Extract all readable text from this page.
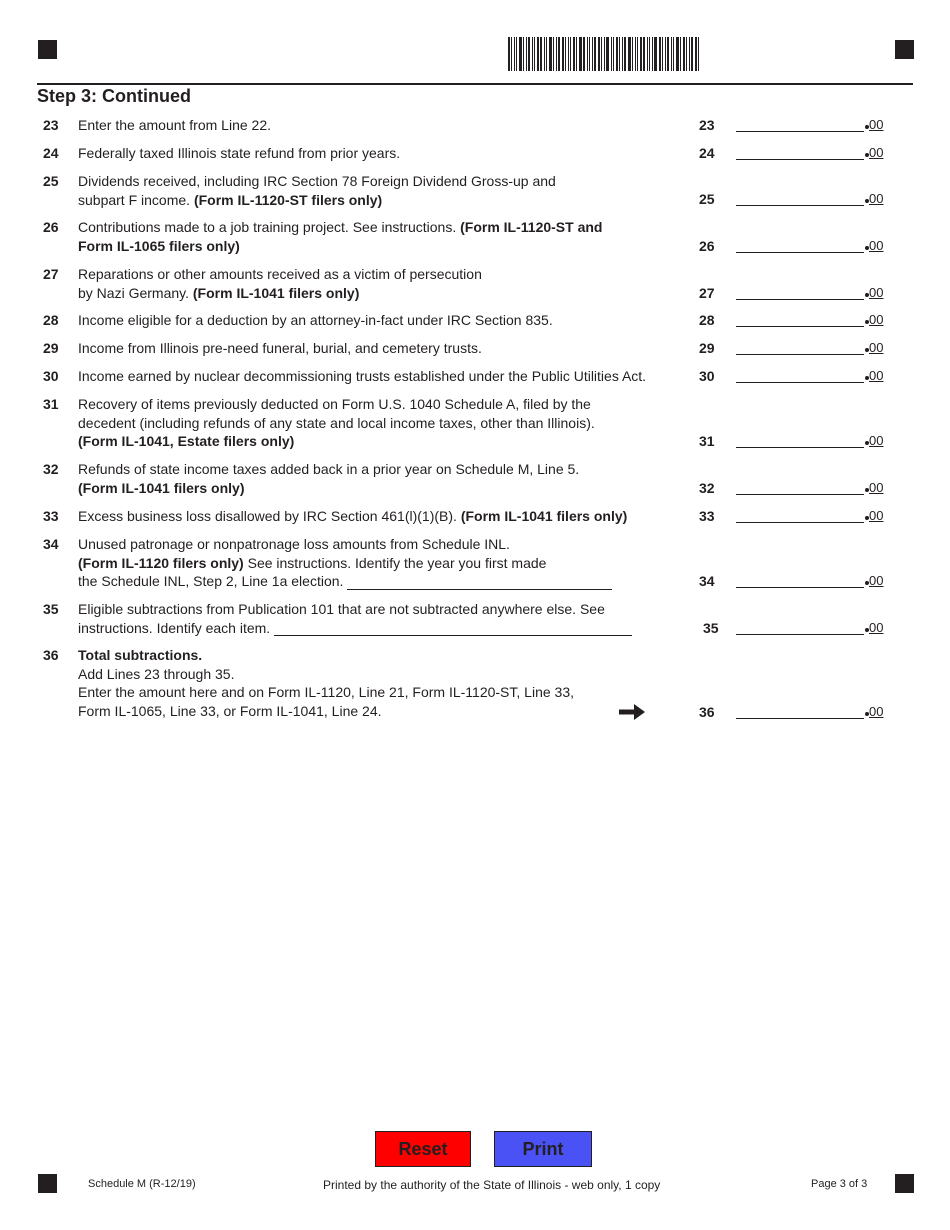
Step 3: Continued
23 Enter the amount from Line 22.	23	00
24 Federally taxed Illinois state refund from prior years.	24	00
25 Dividends received, including IRC Section 78 Foreign Dividend Gross-up and
subpart F income. (Form IL-1120-ST filers only)	25	00
26 Contributions made to a job training project. See instructions. (Form IL-1120-ST and
Form IL-1065 filers only)	26	00
27 Reparations or other amounts received as a victim of persecution
by Nazi Germany. (Form IL-1041 filers only)	27	00
28 Income eligible for a deduction by an attorney-in-fact under IRC Section 835.	28	00
29 Income from Illinois pre-need funeral, burial, and cemetery trusts.	29	00
30 Income earned by nuclear decommissioning trusts established under the Public Utilities Act.	30	00
31 Recovery of items previously deducted on Form U.S. 1040 Schedule A, filed by the
decedent (including refunds of any state and local income taxes, other than Illinois).
(Form IL-1041, Estate filers only)	31	00
32 Refunds of state income taxes added back in a prior year on Schedule M, Line 5.
(Form IL-1041 filers only)	32	00
33 Excess business loss disallowed by IRC Section 461(l)(1)(B). (Form IL-1041 filers only)	33	00
34 Unused patronage or nonpatronage loss amounts from Schedule INL.
(Form IL-1120 filers only) See instructions. Identify the year you first made
the Schedule INL, Step 2, Line 1a election.	34	00
35 Eligible subtractions from Publication 101 that are not subtracted anywhere else. See
instructions. Identify each item.	35	00
36 Total subtractions.
Add Lines 23 through 35.
Enter the amount here and on Form IL-1120, Line 21, Form IL-1120-ST, Line 33,
Form IL-1065, Line 33, or Form IL-1041, Line 24.	36	00
Reset	Print
Schedule M (R-12/19)	Printed by the authority of the State of Illinois - web only, 1 copy	Page 3 of 3
